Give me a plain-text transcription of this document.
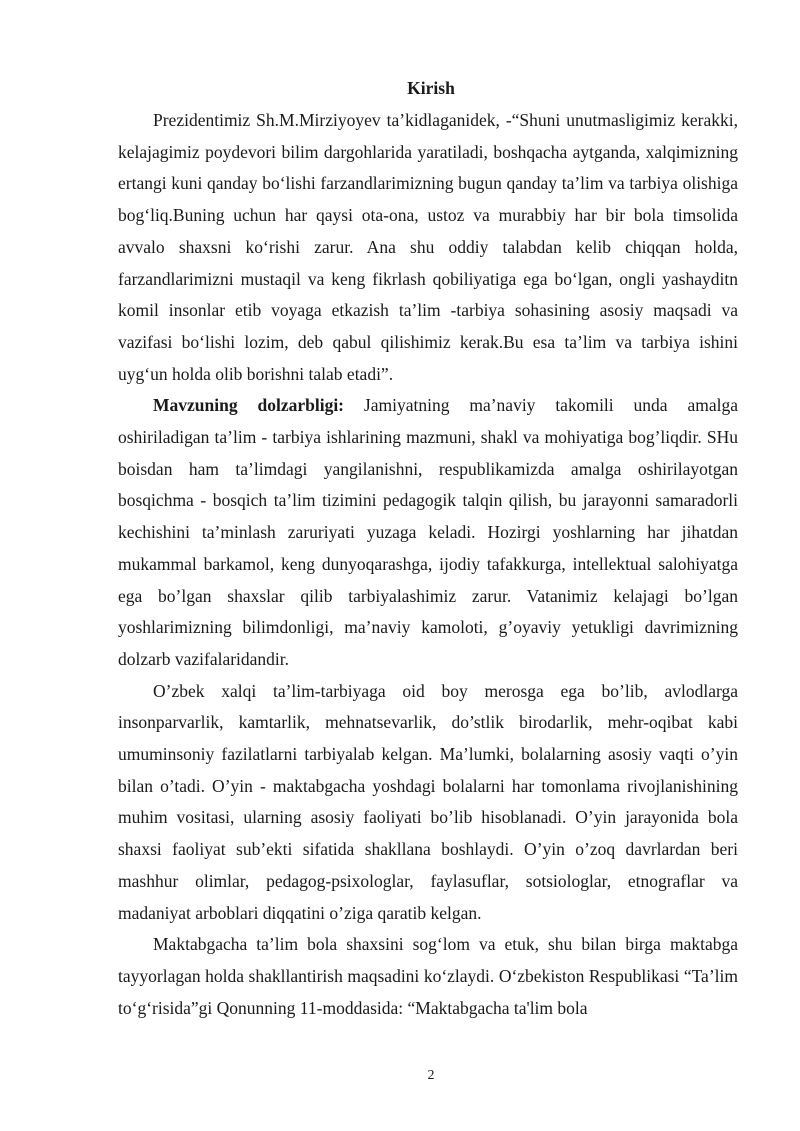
Kirish

Prezidentimiz Sh.M.Mirziyoyev ta’kidlaganidek, -“Shuni unutmasligimiz kerakki, kelajagimiz poydevori bilim dargohlarida yaratiladi, boshqacha aytganda, xalqimizning ertangi kuni qanday bo‘lishi farzandlarimizning bugun qanday ta’lim va tarbiya olishiga bog‘liq.Buning uchun har qaysi ota-ona, ustoz va murabbiy har bir bola timsolida avvalo shaxsni ko‘rishi zarur. Ana shu oddiy talabdan kelib chiqqan holda, farzandlarimizni mustaqil va keng fikrlash qobiliyatiga ega bo‘lgan, ongli yashayditn komil insonlar etib voyaga etkazish ta’lim -tarbiya sohasining asosiy maqsadi va vazifasi bo‘lishi lozim, deb qabul qilishimiz kerak.Bu esa ta’lim va tarbiya ishini uyg‘un holda olib borishni talab etadi”.

Mavzuning dolzarbligi: Jamiyatning ma’naviy takomili unda amalga oshiriladigan ta’lim - tarbiya ishlarining mazmuni, shakl va mohiyatiga bog’liqdir. SHu boisdan ham ta’limdagi yangilanishni, respublikamizda amalga oshirilayotgan bosqichma - bosqich ta’lim tizimini pedagogik talqin qilish, bu jarayonni samaradorli kechishini ta’minlash zaruriyati yuzaga keladi. Hozirgi yoshlarning har jihatdan mukammal barkamol, keng dunyoqarashga, ijodiy tafakkurga, intellektual salohiyatga ega bo’lgan shaxslar qilib tarbiyalashimiz zarur. Vatanimiz kelajagi bo’lgan yoshlarimizning bilimdonligi, ma’naviy kamoloti, g’oyaviy yetukligi davrimizning dolzarb vazifalaridandir.

O’zbek xalqi ta’lim-tarbiyaga oid boy merosga ega bo’lib, avlodlarga insonparvarlik, kamtarlik, mehnatsevarlik, do’stlik birodarlik, mehr-oqibat kabi umuminsoniy fazilatlarni tarbiyalab kelgan. Ma’lumki, bolalarning asosiy vaqti o’yin bilan o’tadi. O’yin - maktabgacha yoshdagi bolalarni har tomonlama rivojlanishining muhim vositasi, ularning asosiy faoliyati bo’lib hisoblanadi. O’yin jarayonida bola shaxsi faoliyat sub’ekti sifatida shakllana boshlaydi. O’yin o’zoq davrlardan beri mashhur olimlar, pedagog-psixologlar, faylasuflar, sotsiologlar, etnograflar va madaniyat arboblari diqqatini o’ziga qaratib kelgan.

Maktabgacha ta’lim bola shaxsini sog‘lom va etuk, shu bilan birga maktabga tayyorlagan holda shakllantirish maqsadini ko‘zlaydi. O‘zbekiston Respublikasi “Ta’lim to‘g‘risida”gi Qonunning 11-moddasida: “Maktabgacha ta'lim bola

2
